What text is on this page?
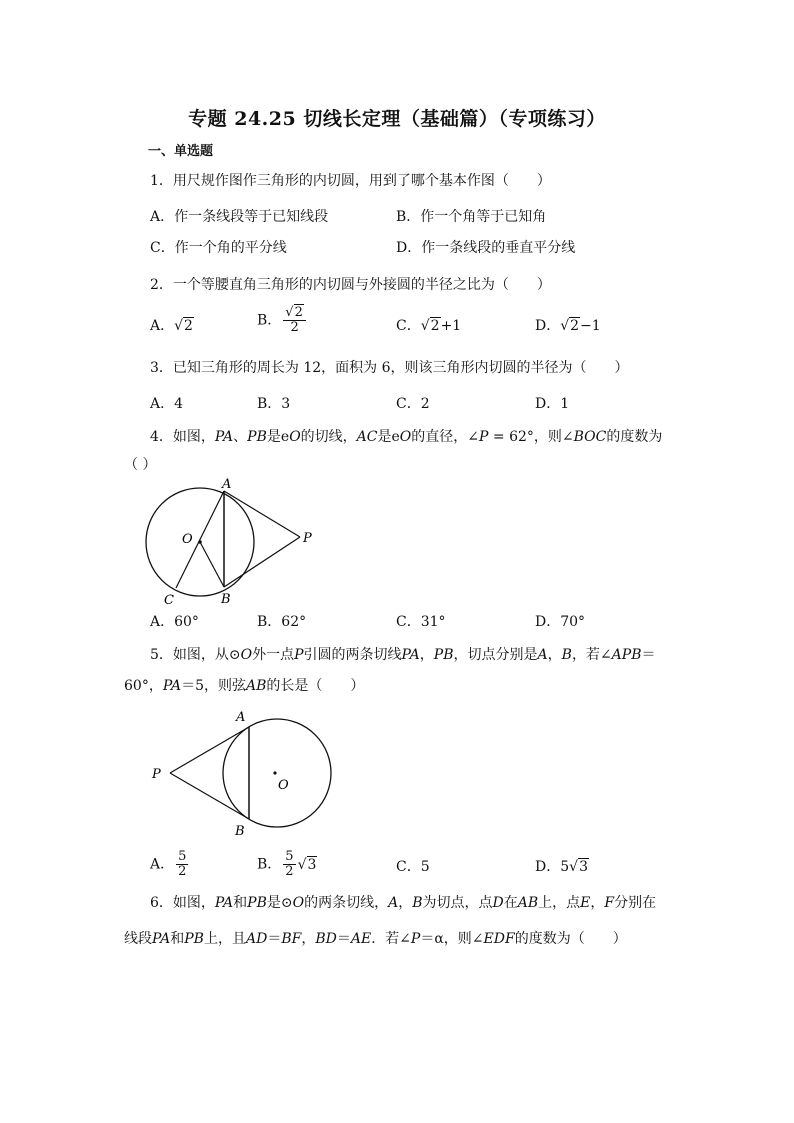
专题 24.25 切线长定理（基础篇）（专项练习）
一、单选题
1．用尺规作图作三角形的内切圆，用到了哪个基本作图（　　）
A．作一条线段等于已知线段	B．作一个角等于已知角
C．作一个角的平分线	D．作一条线段的垂直平分线
2．一个等腰直角三角形的内切圆与外接圆的半径之比为（　　）
A．√2	B． $\frac{√2}{2}$	C．√2+1	D．√2−1
3．已知三角形的周长为 12，面积为 6，则该三角形内切圆的半径为（　　）
A．4	B．3	C．2	D．1
4．如图，PA、PB是eO的切线，AC是eO的直径，∠P = 62°，则∠BOC的度数为
（ ）
A
O	P
C	B
A．60°	B．62°	C．31°	D．70°
5．如图，从⊙O外一点P引圆的两条切线PA，PB，切点分别是A，B，若∠APB＝
60°，PA＝5，则弦AB的长是（　　）
A
P
O
B
A． $\frac{5}{2}$	B． $\frac{5}{2} √3$	C．5	D．5√3
6．如图，PA和PB是⊙O的两条切线，A，B为切点，点D在AB上，点E，F分别在
线段PA和PB上，且AD＝BF，BD＝AE．若∠P＝α，则∠EDF的度数为（　　）
